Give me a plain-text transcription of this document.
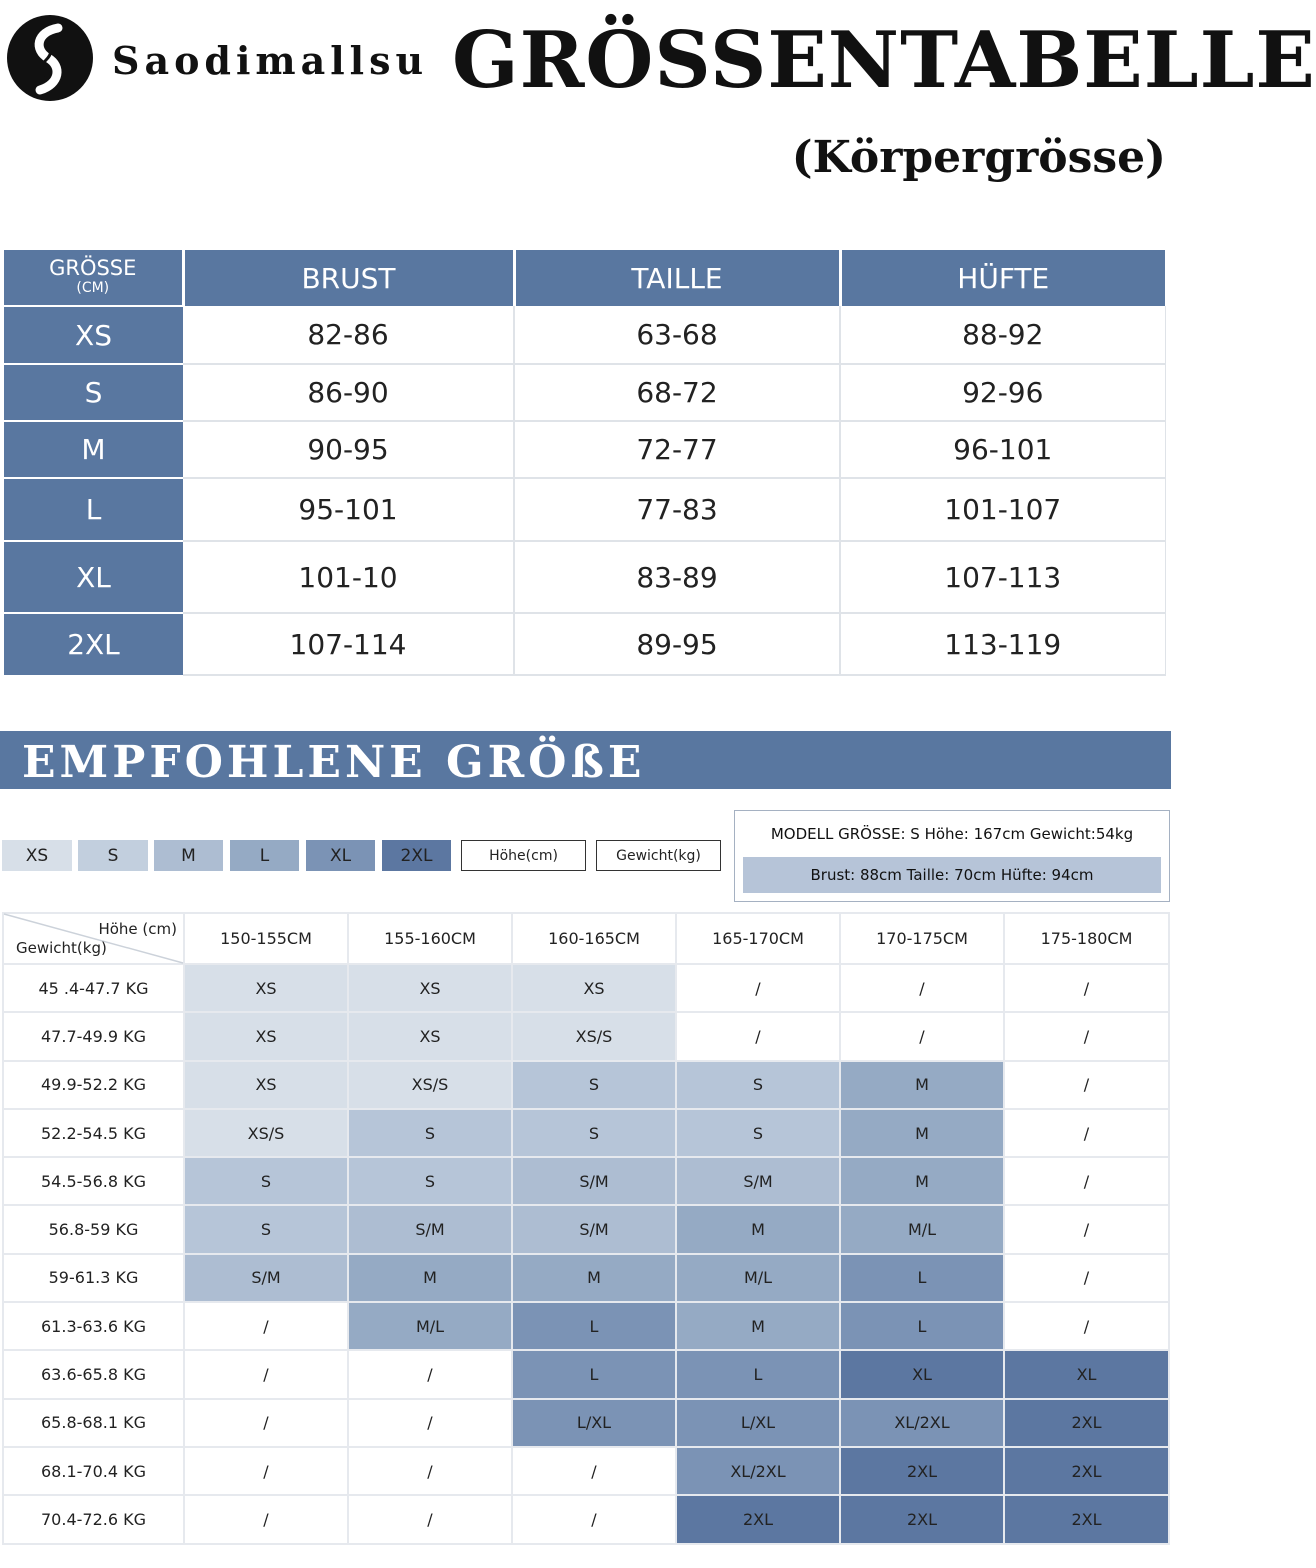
Saodimallsu GRÖSSENTABELLE
(Körpergrösse)
GRÖSSE
(CM)	BRUST	TAILLE	HÜFTE
XS	82-86	63-68	88-92
S	86-90	68-72	92-96
M	90-95	72-77	96-101
L	95-101	77-83	101-107
XL	101-10	83-89	107-113
2XL	107-114	89-95	113-119
EMPFOHLENE GRÖßE
XS	S	M	L	XL	2XL	Höhe(cm)	Gewicht(kg)
MODELL GRÖSSE: S Höhe: 167cm Gewicht:54kg
Brust: 88cm Taille: 70cm Hüfte: 94cm
Höhe (cm)
Gewicht(kg)	150-155CM	155-160CM	160-165CM	165-170CM	170-175CM	175-180CM
45 .4-47.7 KG	XS	XS	XS	/	/	/
47.7-49.9 KG	XS	XS	XS/S	/	/	/
49.9-52.2 KG	XS	XS/S	S	S	M	/
52.2-54.5 KG	XS/S	S	S	S	M	/
54.5-56.8 KG	S	S	S/M	S/M	M	/
56.8-59 KG	S	S/M	S/M	M	M/L	/
59-61.3 KG	S/M	M	M	M/L	L	/
61.3-63.6 KG	/	M/L	L	M	L	/
63.6-65.8 KG	/	/	L	L	XL	XL
65.8-68.1 KG	/	/	L/XL	L/XL	XL/2XL	2XL
68.1-70.4 KG	/	/	/	XL/2XL	2XL	2XL
70.4-72.6 KG	/	/	/	2XL	2XL	2XL
